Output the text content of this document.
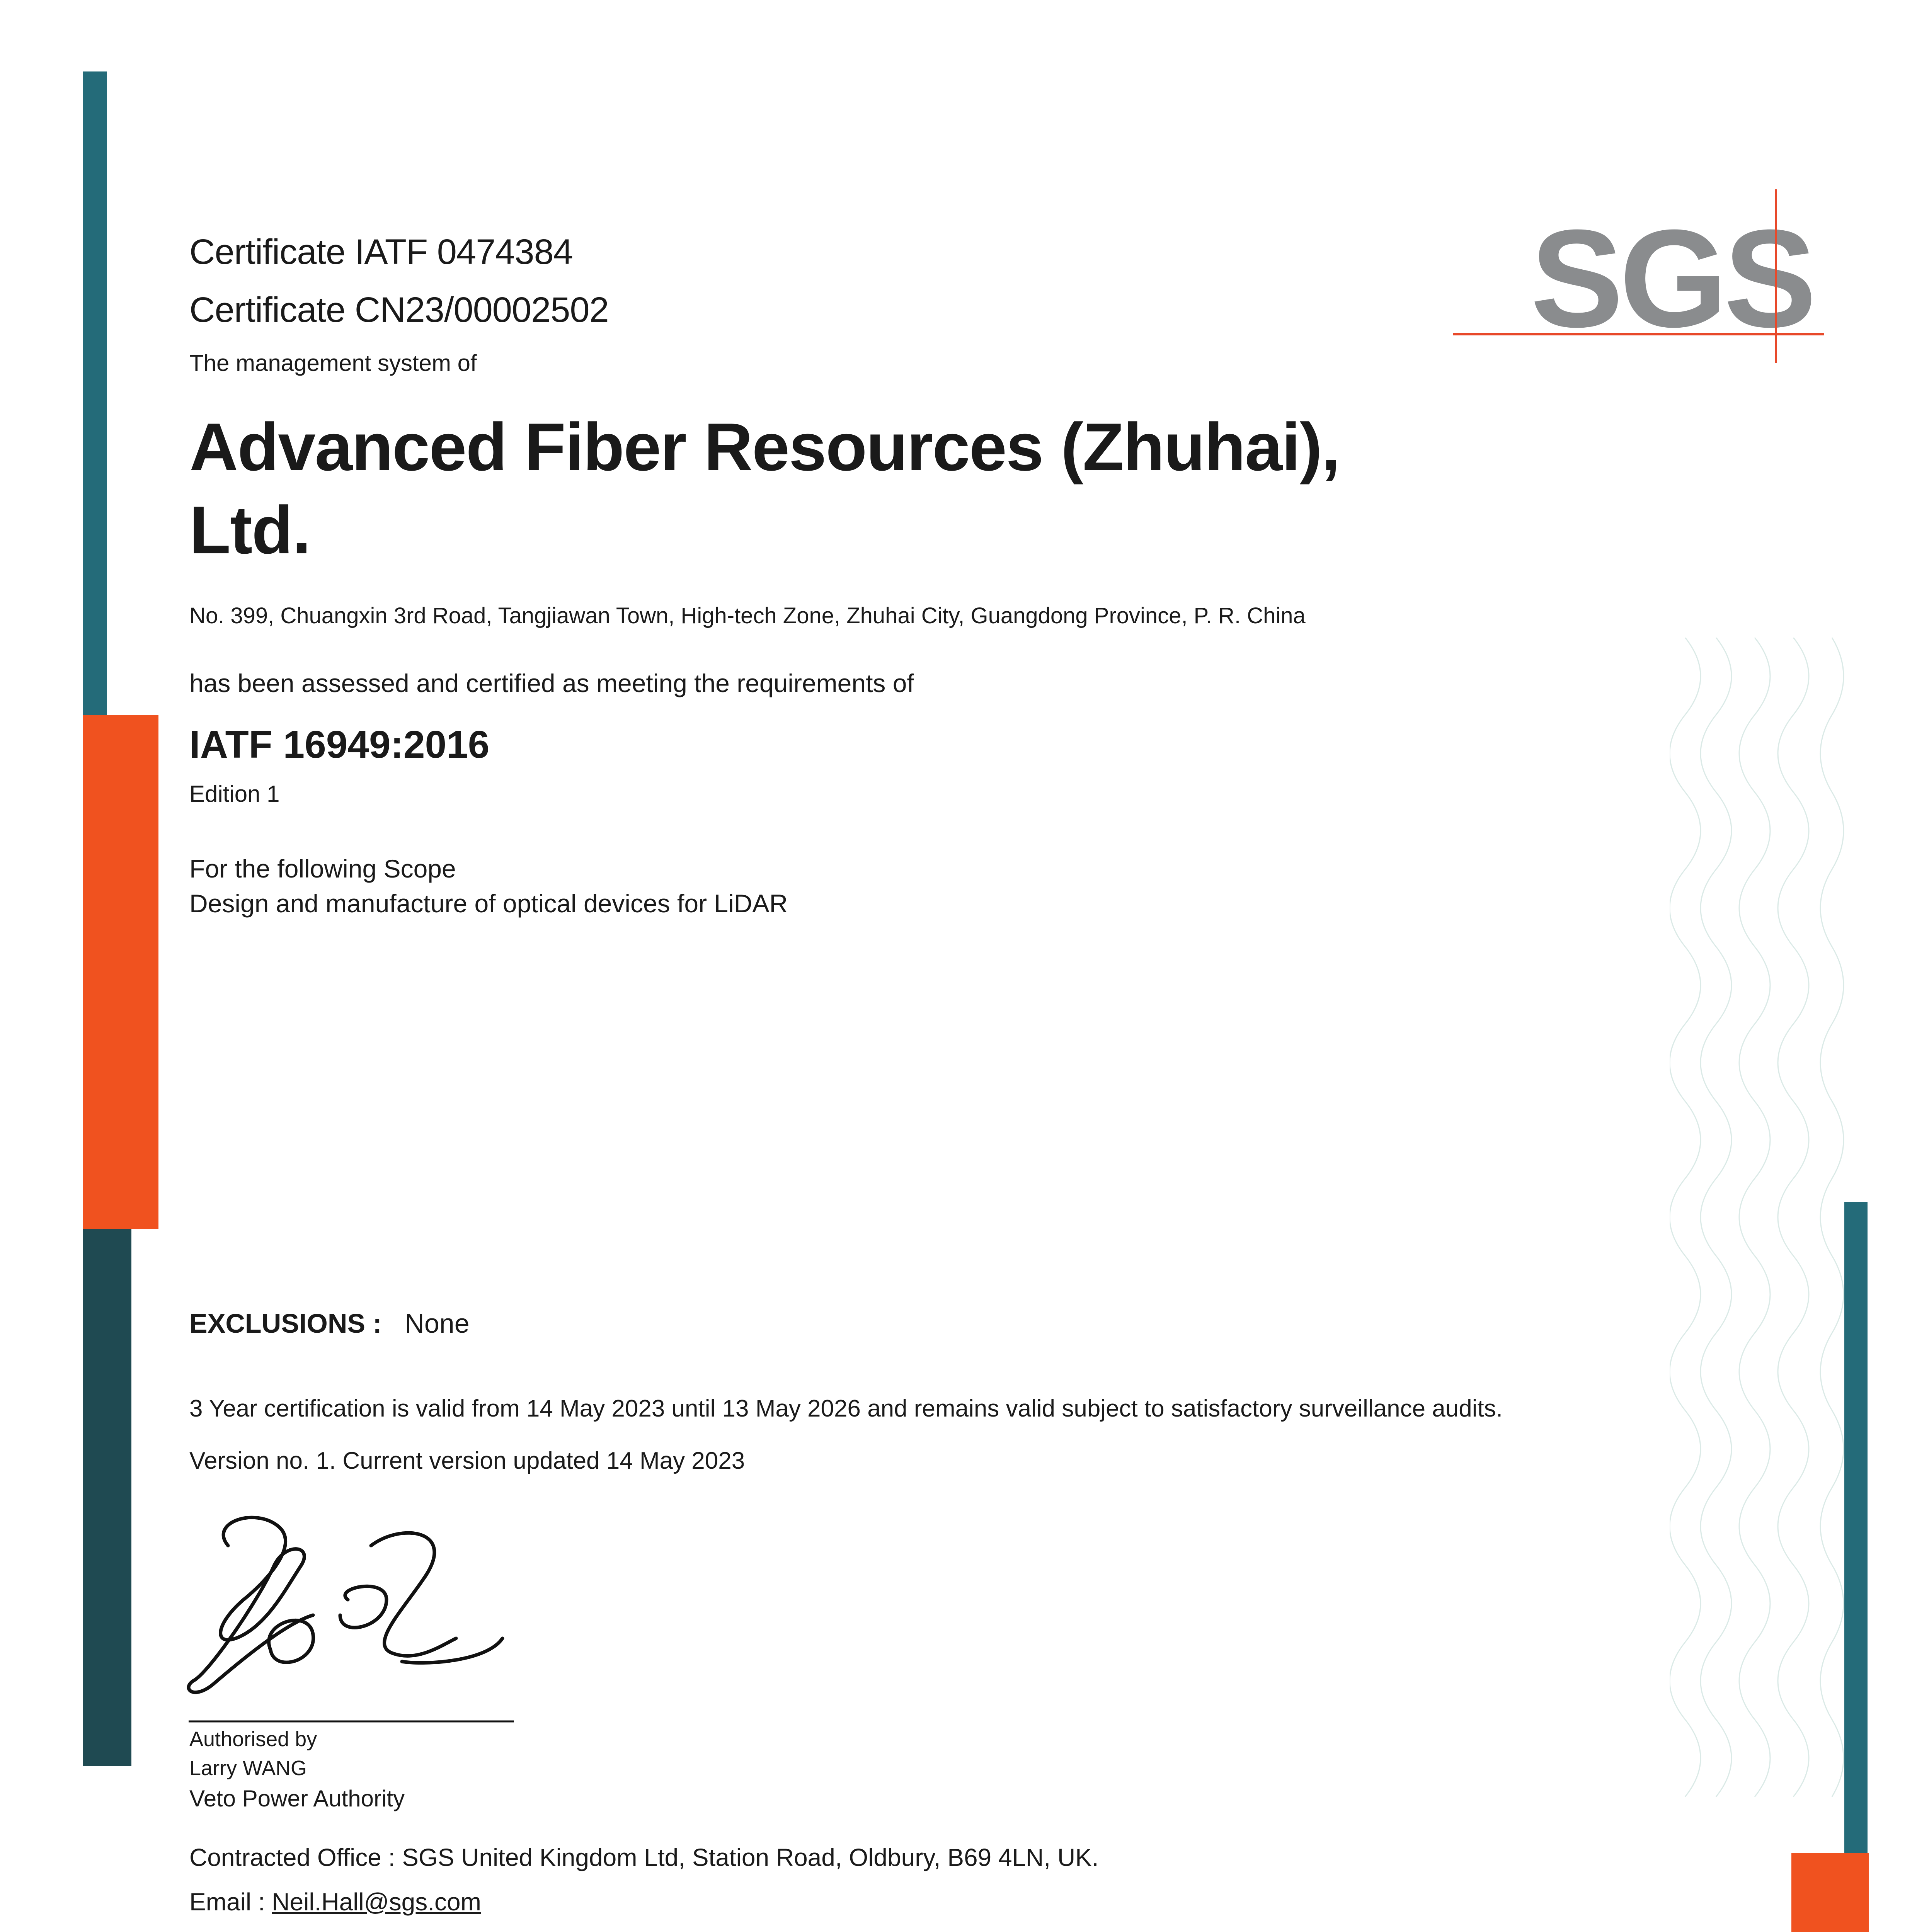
SGS
Certificate IATF 0474384
Certificate CN23/00002502
The management system of
Advanced Fiber Resources (Zhuhai),
Ltd.
No. 399, Chuangxin 3rd Road, Tangjiawan Town, High-tech Zone, Zhuhai City, Guangdong Province, P. R. China
has been assessed and certified as meeting the requirements of
IATF 16949:2016
Edition 1
For the following Scope
Design and manufacture of optical devices for LiDAR
EXCLUSIONS : None
3 Year certification is valid from 14 May 2023 until 13 May 2026 and remains valid subject to satisfactory surveillance audits.
Version no. 1. Current version updated 14 May 2023
Authorised by
Larry WANG
Veto Power Authority
Contracted Office : SGS United Kingdom Ltd, Station Road, Oldbury, B69 4LN, UK.
Email : Neil.Hall@sgs.com
